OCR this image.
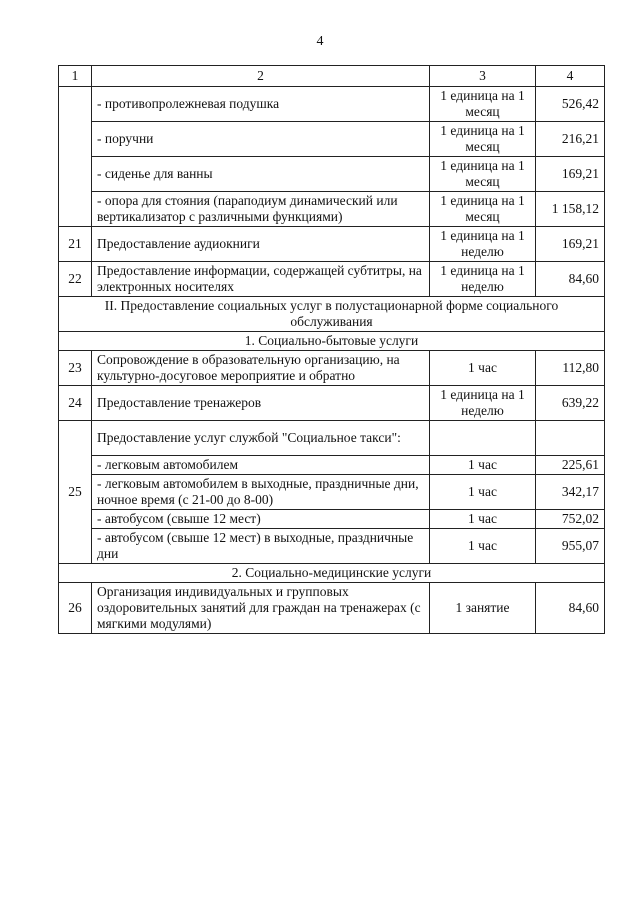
4
1	2	3	4
	- противопролежневая подушка	1 единица на 1 месяц	526,42
	- поручни	1 единица на 1 месяц	216,21
	- сиденье для ванны	1 единица на 1 месяц	169,21
	- опора для стояния (параподиум динамический или вертикализатор с различными функциями)	1 единица на 1 месяц	1 158,12
21	Предоставление аудиокниги	1 единица на 1 неделю	169,21
22	Предоставление информации, содержащей субтитры, на электронных носителях	1 единица на 1 неделю	84,60
II. Предоставление социальных услуг в полустационарной форме социального обслуживания			
1. Социально-бытовые услуги			
23	Сопровождение в образовательную организацию, на культурно-досуговое мероприятие и обратно	1 час	112,80
24	Предоставление тренажеров	1 единица на 1 неделю	639,22
25	Предоставление услуг службой "Социальное такси":		
	- легковым автомобилем	1 час	225,61
	- легковым автомобилем в выходные, праздничные дни, ночное время (с 21-00 до 8-00)	1 час	342,17
	- автобусом (свыше 12 мест)	1 час	752,02
	- автобусом (свыше 12 мест) в выходные, праздничные дни	1 час	955,07
2. Социально-медицинские услуги			
26	Организация индивидуальных и групповых оздоровительных занятий для граждан на тренажерах (с мягкими модулями)	1 занятие	84,60
